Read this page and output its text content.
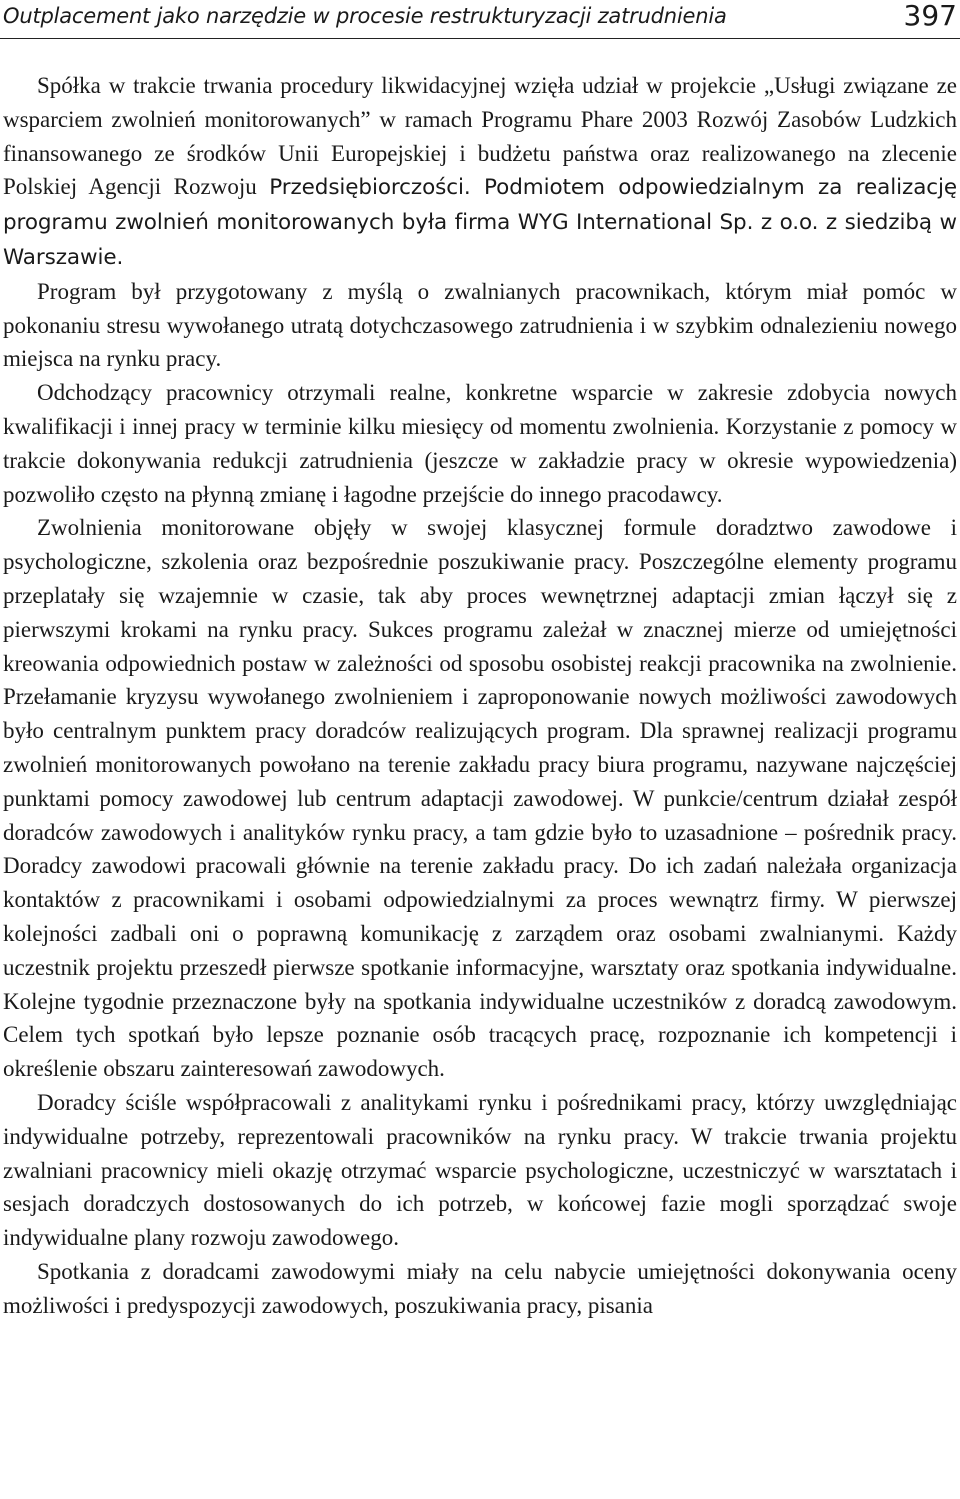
Outplacement jako narzędzie w procesie restrukturyzacji zatrudnienia	397

Spółka w trakcie trwania procedury likwidacyjnej wzięła udział w projekcie „Usługi związane ze wsparciem zwolnień monitorowanych” w ramach Programu Phare 2003 Rozwój Zasobów Ludzkich finansowanego ze środków Unii Europejskiej i budżetu państwa oraz realizowanego na zlecenie Polskiej Agencji Rozwoju Przedsiębiorczości. Podmiotem odpowiedzialnym za realizację programu zwolnień monitorowanych była firma WYG International Sp. z o.o. z siedzibą w Warszawie.

Program był przygotowany z myślą o zwalnianych pracownikach, którym miał pomóc w pokonaniu stresu wywołanego utratą dotychczasowego zatrudnienia i w szybkim odnalezieniu nowego miejsca na rynku pracy.

Odchodzący pracownicy otrzymali realne, konkretne wsparcie w zakresie zdobycia nowych kwalifikacji i innej pracy w terminie kilku miesięcy od momentu zwolnienia. Korzystanie z pomocy w trakcie dokonywania redukcji zatrudnienia (jeszcze w zakładzie pracy w okresie wypowiedzenia) pozwoliło często na płynną zmianę i łagodne przejście do innego pracodawcy.

Zwolnienia monitorowane objęły w swojej klasycznej formule doradztwo zawodowe i psychologiczne, szkolenia oraz bezpośrednie poszukiwanie pracy. Poszczególne elementy programu przeplatały się wzajemnie w czasie, tak aby proces wewnętrznej adaptacji zmian łączył się z pierwszymi krokami na rynku pracy. Sukces programu zależał w znacznej mierze od umiejętności kreowania odpowiednich postaw w zależności od sposobu osobistej reakcji pracownika na zwolnienie. Przełamanie kryzysu wywołanego zwolnieniem i zaproponowanie nowych możliwości zawodowych było centralnym punktem pracy doradców realizujących program. Dla sprawnej realizacji programu zwolnień monitorowanych powołano na terenie zakładu pracy biura programu, nazywane najczęściej punktami pomocy zawodowej lub centrum adaptacji zawodowej. W punkcie/centrum działał zespół doradców zawodowych i analityków rynku pracy, a tam gdzie było to uzasadnione – pośrednik pracy. Doradcy zawodowi pracowali głównie na terenie zakładu pracy. Do ich zadań należała organizacja kontaktów z pracownikami i osobami odpowiedzialnymi za proces wewnątrz firmy. W pierwszej kolejności zadbali oni o poprawną komunikację z zarządem oraz osobami zwalnianymi. Każdy uczestnik projektu przeszedł pierwsze spotkanie informacyjne, warsztaty oraz spotkania indywidualne. Kolejne tygodnie przeznaczone były na spotkania indywidualne uczestników z doradcą zawodowym. Celem tych spotkań było lepsze poznanie osób tracących pracę, rozpoznanie ich kompetencji i określenie obszaru zainteresowań zawodowych.

Doradcy ściśle współpracowali z analitykami rynku i pośrednikami pracy, którzy uwzględniając indywidualne potrzeby, reprezentowali pracowników na rynku pracy. W trakcie trwania projektu zwalniani pracownicy mieli okazję otrzymać wsparcie psychologiczne, uczestniczyć w warsztatach i sesjach doradczych dostosowanych do ich potrzeb, w końcowej fazie mogli sporządzać swoje indywidualne plany rozwoju zawodowego.

Spotkania z doradcami zawodowymi miały na celu nabycie umiejętności dokonywania oceny możliwości i predyspozycji zawodowych, poszukiwania pracy, pisania
